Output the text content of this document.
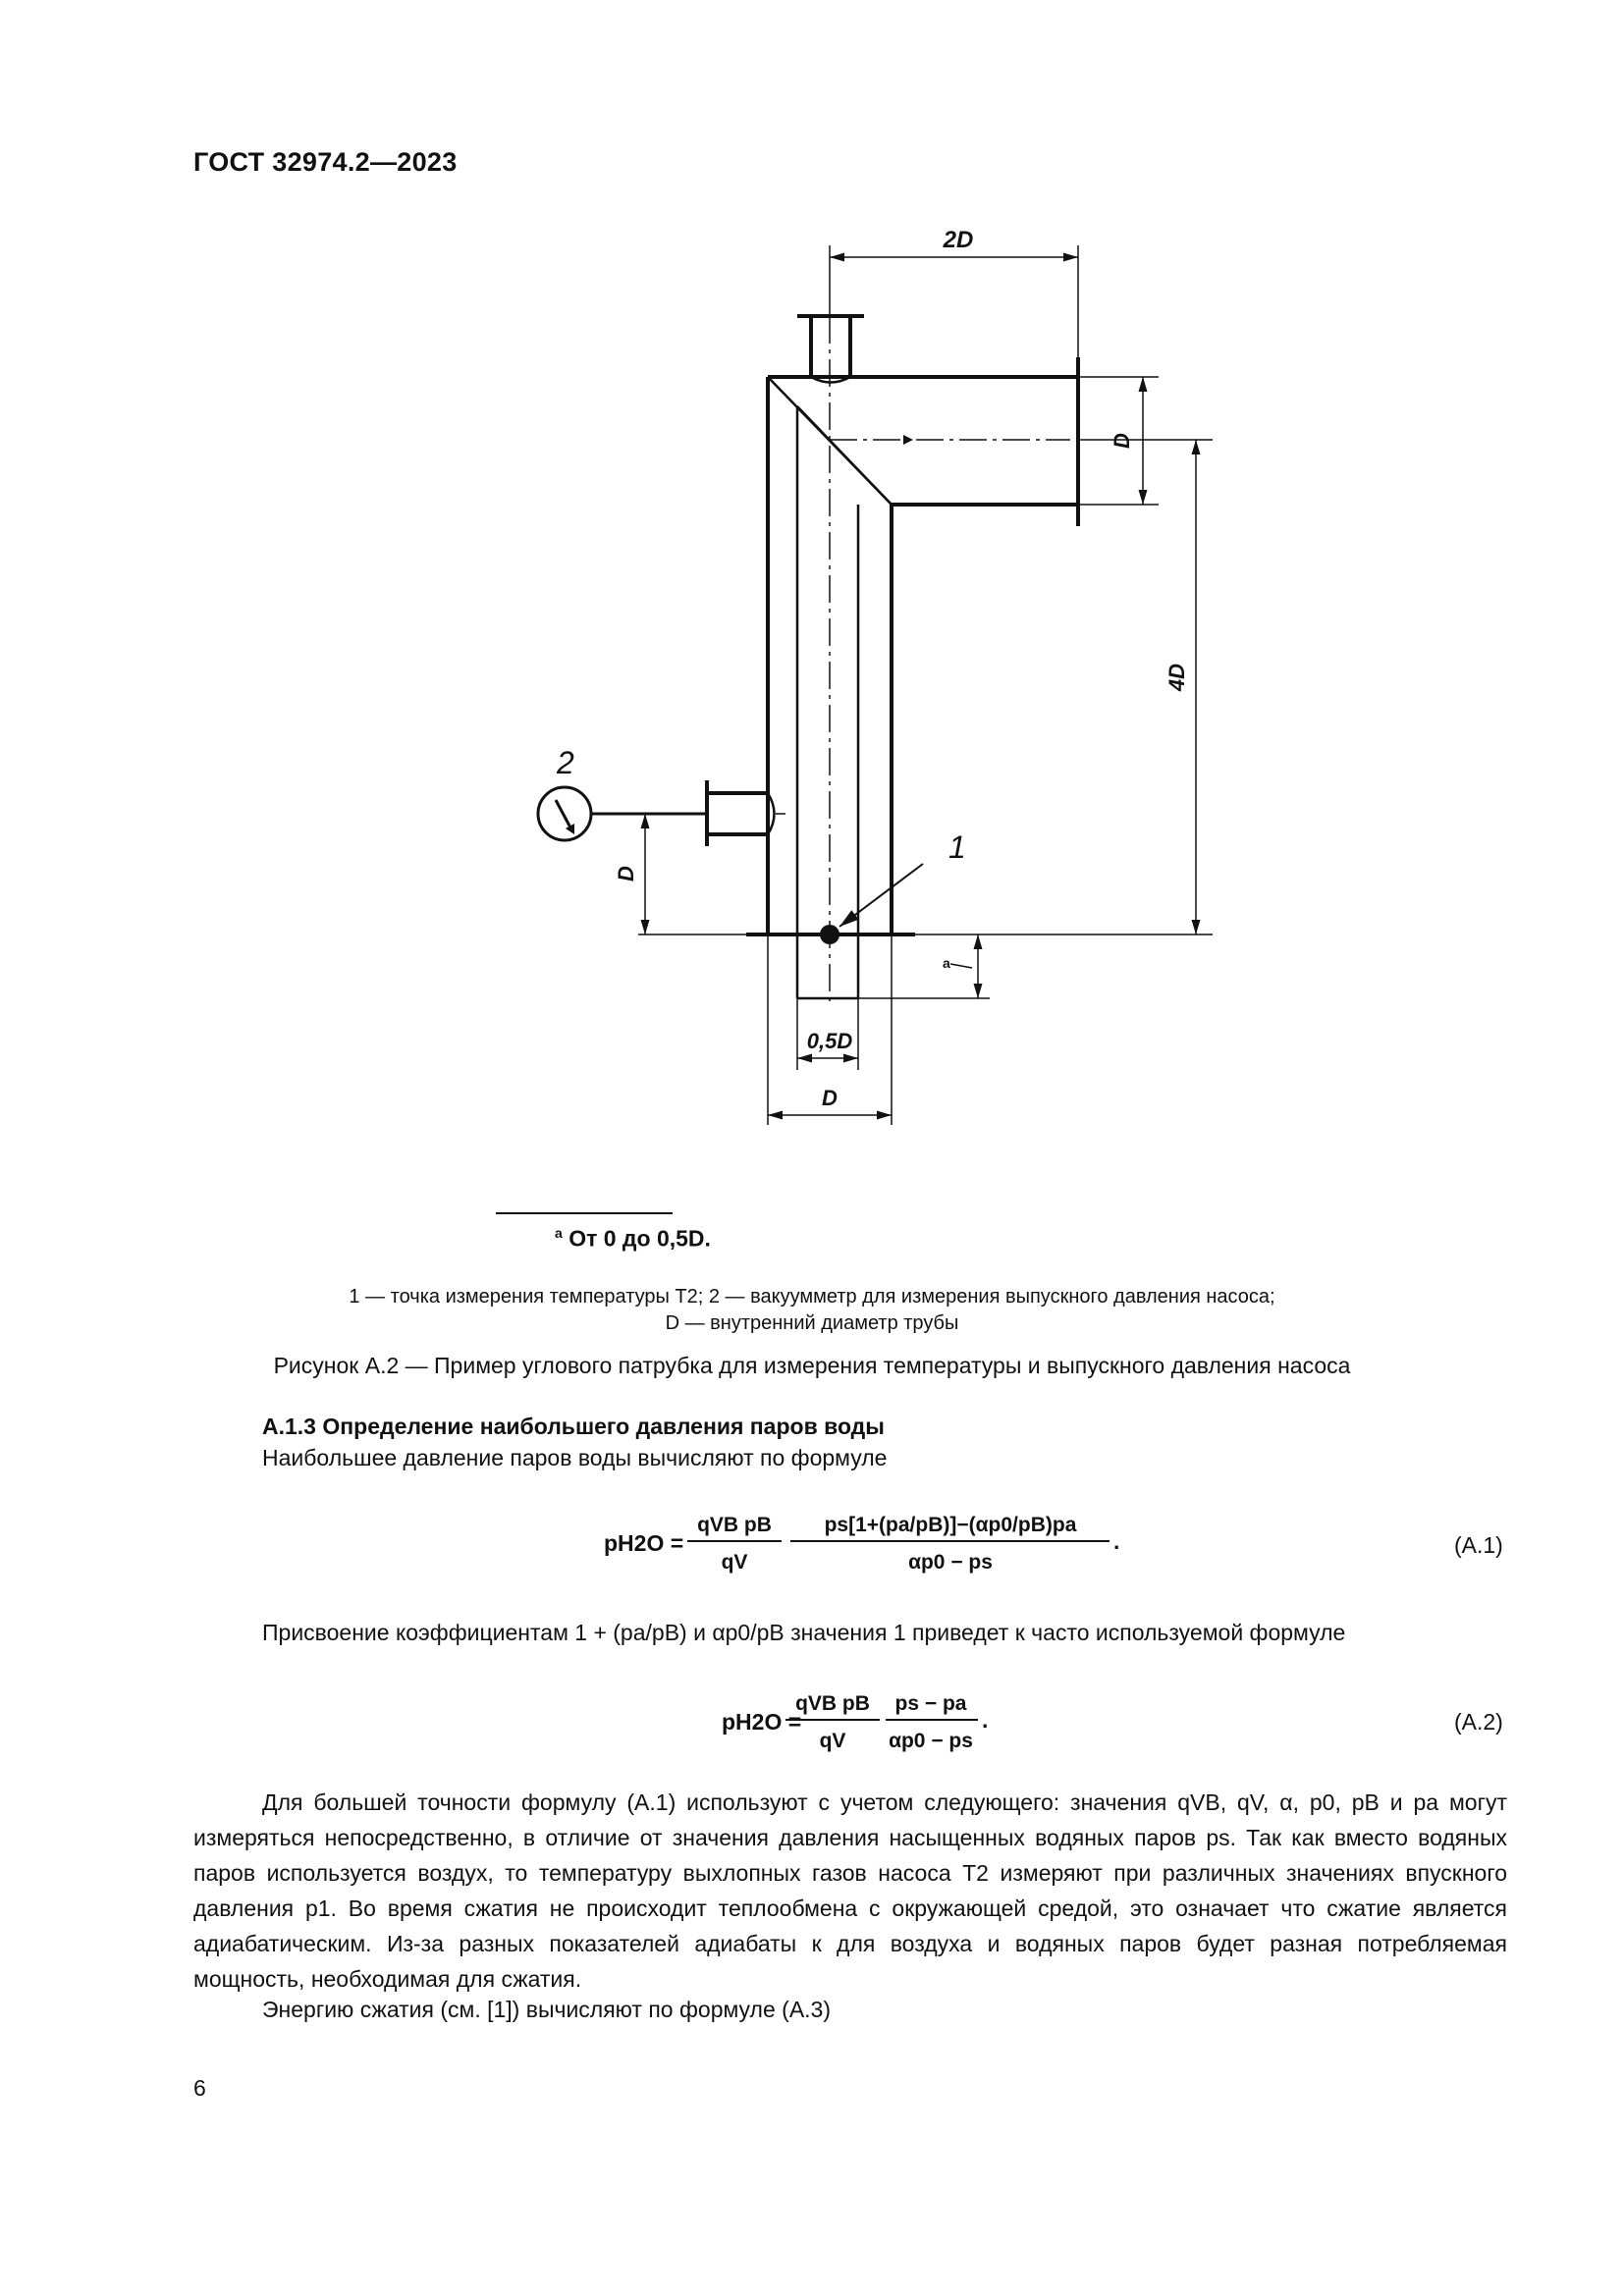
ГОСТ 32974.2—2023
2D
D
4D
D
0,5D
D
1
2
a
$^a$ От 0 до 0,5D.
1 — точка измерения температуры T2; 2 — вакуумметр для измерения выпускного давления насоса;
D — внутренний диаметр трубы
Рисунок А.2 — Пример углового патрубка для измерения температуры и выпускного давления насоса
А.1.3 Определение наибольшего давления паров воды
Наибольшее давление паров воды вычисляют по формуле
pH2O =
qVB pB
qV
ps[1+(pa/pB)]−(αp0/pB)pa
αp0 − ps
.	(А.1)
Присвоение коэффициентам 1 + (pa/pB) и αp0/pB значения 1 приведет к часто используемой формуле
pH2O =
qVB pB
qV
ps − pa
αp0 − ps
.	(А.2)
Для большей точности формулу (А.1) используют с учетом следующего: значения qVB, qV, α, p0, pB и pa могут измеряться непосредственно, в отличие от значения давления насыщенных водяных паров ps. Так как вместо водяных паров используется воздух, то температуру выхлопных газов насоса T2 измеряют при различных значениях впускного давления p1. Во время сжатия не происходит теплообмена с окружающей средой, это означает что сжатие является адиабатическим. Из-за разных показателей адиабаты к для воздуха и водяных паров будет разная потребляемая мощность, необходимая для сжатия.
Энергию сжатия (см. [1]) вычисляют по формуле (А.3)
6
